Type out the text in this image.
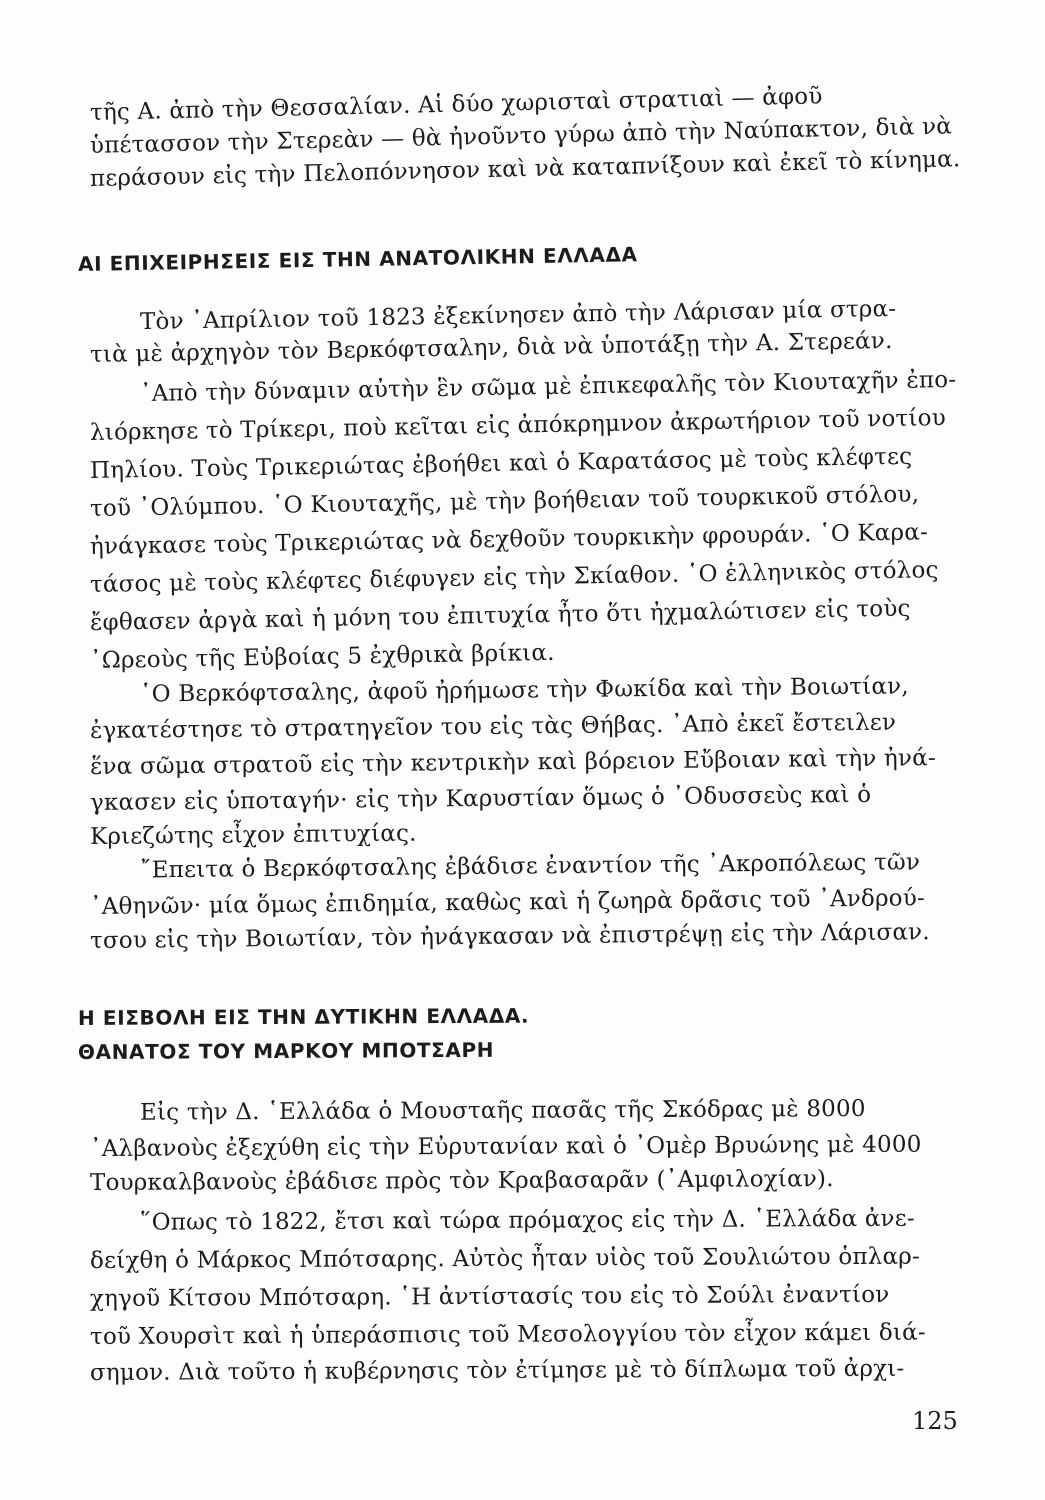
τῆς Α. ἀπὸ τὴν Θεσσαλίαν. Αἱ δύο χωρισταὶ στρατιαὶ — ἀφοῦ
ὑπέτασσον τὴν Στερεὰν — θὰ ἠνοῦντο γύρω ἀπὸ τὴν Ναύπακτον, διὰ νὰ
περάσουν εἰς τὴν Πελοπόννησον καὶ νὰ καταπνίξουν καὶ ἐκεῖ τὸ κίνημα.
ΑΙ ΕΠΙΧΕΙΡΗΣΕΙΣ ΕΙΣ ΤΗΝ ΑΝΑΤΟΛΙΚΗΝ ΕΛΛΑΔΑ
Τὸν ᾿Απρίλιον τοῦ 1823 ἐξεκίνησεν ἀπὸ τὴν Λάρισαν μία στρα-
τιὰ μὲ ἀρχηγὸν τὸν Βερκόφτσαλην, διὰ νὰ ὑποτάξῃ τὴν Α. Στερεάν.
᾿Απὸ τὴν δύναμιν αὐτὴν ἓν σῶμα μὲ ἐπικεφαλῆς τὸν Κιουταχῆν ἐπο-
λιόρκησε τὸ Τρίκερι, ποὺ κεῖται εἰς ἀπόκρημνον ἀκρωτήριον τοῦ νοτίου
Πηλίου. Τοὺς Τρικεριώτας ἐβοήθει καὶ ὁ Καρατάσος μὲ τοὺς κλέφτες
τοῦ ᾿Ολύμπου. ῾Ο Κιουταχῆς, μὲ τὴν βοήθειαν τοῦ τουρκικοῦ στόλου,
ἠνάγκασε τοὺς Τρικεριώτας νὰ δεχθοῦν τουρκικὴν φρουράν. ῾Ο Καρα-
τάσος μὲ τοὺς κλέφτες διέφυγεν εἰς τὴν Σκίαθον. ῾Ο ἑλληνικὸς στόλος
ἔφθασεν ἀργὰ καὶ ἡ μόνη του ἐπιτυχία ἦτο ὅτι ἠχμαλώτισεν εἰς τοὺς
᾿Ωρεοὺς τῆς Εὐβοίας 5 ἐχθρικὰ βρίκια.
῾Ο Βερκόφτσαλης, ἀφοῦ ἠρήμωσε τὴν Φωκίδα καὶ τὴν Βοιωτίαν,
ἐγκατέστησε τὸ στρατηγεῖον του εἰς τὰς Θήβας. ᾿Απὸ ἐκεῖ ἔστειλεν
ἕνα σῶμα στρατοῦ εἰς τὴν κεντρικὴν καὶ βόρειον Εὔβοιαν καὶ τὴν ἠνά-
γκασεν εἰς ὑποταγήν· εἰς τὴν Καρυστίαν ὅμως ὁ ᾿Οδυσσεὺς καὶ ὁ
Κριεζώτης εἶχον ἐπιτυχίας.
῎Επειτα ὁ Βερκόφτσαλης ἐβάδισε ἐναντίον τῆς ᾿Ακροπόλεως τῶν
᾿Αθηνῶν· μία ὅμως ἐπιδημία, καθὼς καὶ ἡ ζωηρὰ δρᾶσις τοῦ ᾿Ανδρού-
τσου εἰς τὴν Βοιωτίαν, τὸν ἠνάγκασαν νὰ ἐπιστρέψῃ εἰς τὴν Λάρισαν.
Η ΕΙΣΒΟΛΗ ΕΙΣ ΤΗΝ ΔΥΤΙΚΗΝ ΕΛΛΑΔΑ.
ΘΑΝΑΤΟΣ ΤΟΥ ΜΑΡΚΟΥ ΜΠΟΤΣΑΡΗ
Εἰς τὴν Δ. ῾Ελλάδα ὁ Μουσταῆς πασᾶς τῆς Σκόδρας μὲ 8000
᾿Αλβανοὺς ἐξεχύθη εἰς τὴν Εὐρυτανίαν καὶ ὁ ᾿Ομὲρ Βρυώνης μὲ 4000
Τουρκαλβανοὺς ἐβάδισε πρὸς τὸν Κραβασαρᾶν (᾿Αμφιλοχίαν).
῞Οπως τὸ 1822, ἔτσι καὶ τώρα πρόμαχος εἰς τὴν Δ. ῾Ελλάδα ἀνε-
δείχθη ὁ Μάρκος Μπότσαρης. Αὐτὸς ἦταν υἱὸς τοῦ Σουλιώτου ὁπλαρ-
χηγοῦ Κίτσου Μπότσαρη. ῾Η ἀντίστασίς του εἰς τὸ Σούλι ἐναντίον
τοῦ Χουρσὶτ καὶ ἡ ὑπεράσπισις τοῦ Μεσολογγίου τὸν εἶχον κάμει διά-
σημον. Διὰ τοῦτο ἡ κυβέρνησις τὸν ἐτίμησε μὲ τὸ δίπλωμα τοῦ ἀρχι-
125
